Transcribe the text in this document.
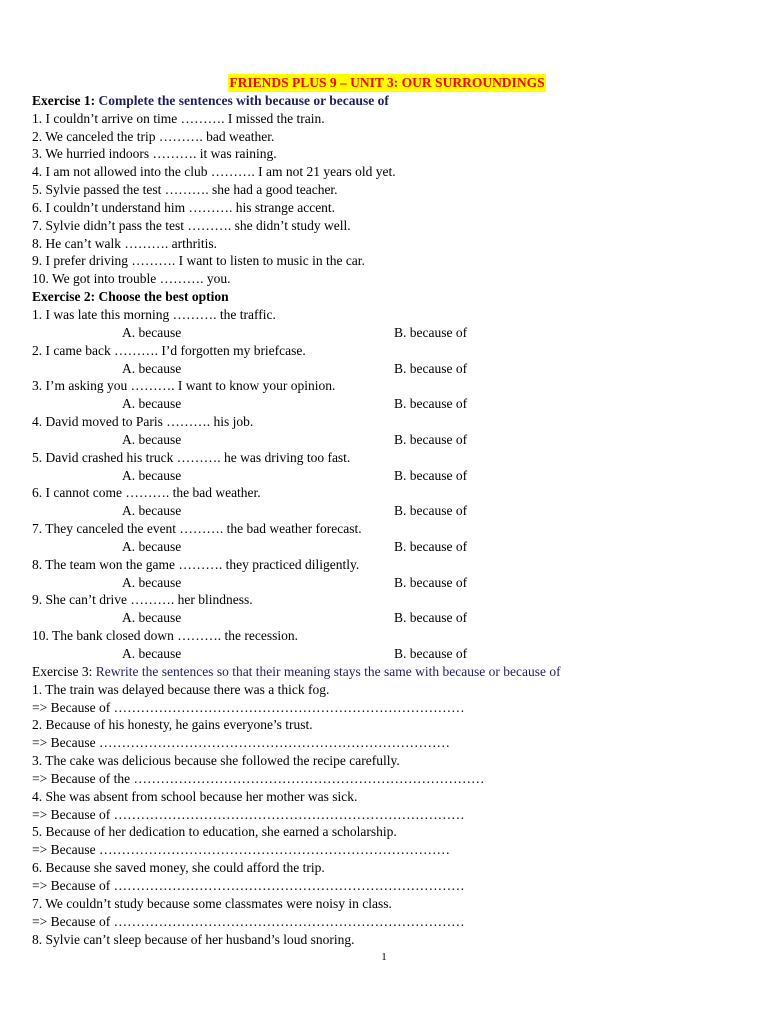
FRIENDS PLUS 9 – UNIT 3: OUR SURROUNDINGS
Exercise 1: Complete the sentences with because or because of
1. I couldn’t arrive on time ………. I missed the train.
2. We canceled the trip ………. bad weather.
3. We hurried indoors ………. it was raining.
4. I am not allowed into the club ………. I am not 21 years old yet.
5. Sylvie passed the test ………. she had a good teacher.
6. I couldn’t understand him ………. his strange accent.
7. Sylvie didn’t pass the test ………. she didn’t study well.
8. He can’t walk ………. arthritis.
9. I prefer driving ………. I want to listen to music in the car.
10. We got into trouble ………. you.
Exercise 2: Choose the best option
1. I was late this morning ………. the traffic.
A. because	B. because of
2. I came back ………. I’d forgotten my briefcase.
A. because	B. because of
3. I’m asking you ………. I want to know your opinion.
A. because	B. because of
4. David moved to Paris ………. his job.
A. because	B. because of
5. David crashed his truck ………. he was driving too fast.
A. because	B. because of
6. I cannot come ………. the bad weather.
A. because	B. because of
7. They canceled the event ………. the bad weather forecast.
A. because	B. because of
8. The team won the game ………. they practiced diligently.
A. because	B. because of
9. She can’t drive ………. her blindness.
A. because	B. because of
10. The bank closed down ………. the recession.
A. because	B. because of
Exercise 3: Rewrite the sentences so that their meaning stays the same with because or because of
1. The train was delayed because there was a thick fog.
=> Because of ……………………………………………………………………
2. Because of his honesty, he gains everyone’s trust.
=> Because ……………………………………………………………………
3. The cake was delicious because she followed the recipe carefully.
=> Because of the ……………………………………………………………………
4. She was absent from school because her mother was sick.
=> Because of ……………………………………………………………………
5. Because of her dedication to education, she earned a scholarship.
=> Because ……………………………………………………………………
6. Because she saved money, she could afford the trip.
=> Because of ……………………………………………………………………
7. We couldn’t study because some classmates were noisy in class.
=> Because of ……………………………………………………………………
8. Sylvie can’t sleep because of her husband’s loud snoring.
1
